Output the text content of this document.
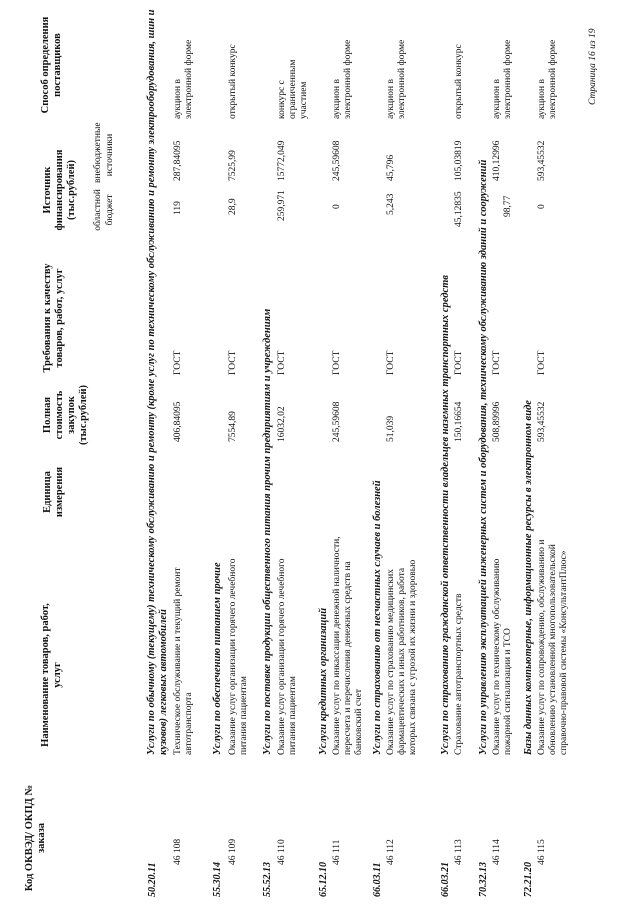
Код ОКВЭД/ ОКПД № заказа
Наименование товаров, работ, услуг
Единица измерения
Полная стоимость закупок (тыс.рублей)
Требования к качеству товаров, работ, услуг
Источник финансирования (тыс.рублей) областной бюджет
внебюджетные источники
Способ определения поставщиков
50.20.11
Услуги по обычному (текущему) техническому обслуживанию и ремонту (кроме услуг по техническому обслуживанию и ремонту электрооборудования, шин и кузовов) легковых автомобилей
46 108
Техническое обслуживание и текущий ремонт автотранспорта
406,84095
ГОСТ
119
287,84095
аукцион в электронной форме
55.30.14
Услуги по обеспечению питанием прочие
46 109
Оказание услуг организации горячего лечебного питания пациентам
7554,89
ГОСТ
28,9
7525,99
открытый конкурс
55.52.13
Услуги по поставке продукции общественного питания прочим предприятиям и учреждениям
46 110
Оказание услуг организации горячего лечебного питания пациентам
16032,02
ГОСТ
259,971
15772,049
конкурс с ограниченным участием
65.12.10
Услуги кредитных организаций
46 111
Оказание услуг по инкассации денежной наличности, пересчета и перечисления денежных средств на банковский счет
245,59608
ГОСТ
0
245,59608
аукцион в электронной форме
66.03.11
Услуги по страхованию от несчастных случаев и болезней
46 112
Оказание услуг по страхованию медицинских фармацевтических и иных работников, работа которых связана с угрозой их жизни и здоровью
51,039
ГОСТ
5,243
45,796
аукцион в электронной форме
66.03.21
Услуги по страхованию гражданской ответственности владельцев наземных транспортных средств
46 113
Страхование автотранспортных средств
150,16654
ГОСТ
45,12835
105,03819
открытый конкурс
70.32.13
Услуги по управлению эксплуатацией инженерных систем и оборудования, техническому обслуживанию зданий и сооружений
46 114
Оказание услуг по техническому обслуживанию пожарной сигнализации и ТСО
508,89996
ГОСТ
98,77
410,12996
аукцион в электронной форме
72.21.20
Базы данных компьютерные, информационные ресурсы в электронном виде
46 115
Оказание услуг по сопровождению, обслуживанию и обновлению установленной многопользовательской справочно-правовой системы «КонсультантПлюс»
593,45532
ГОСТ
0
593,45532
аукцион в электронной форме	Страница 16 из 19
